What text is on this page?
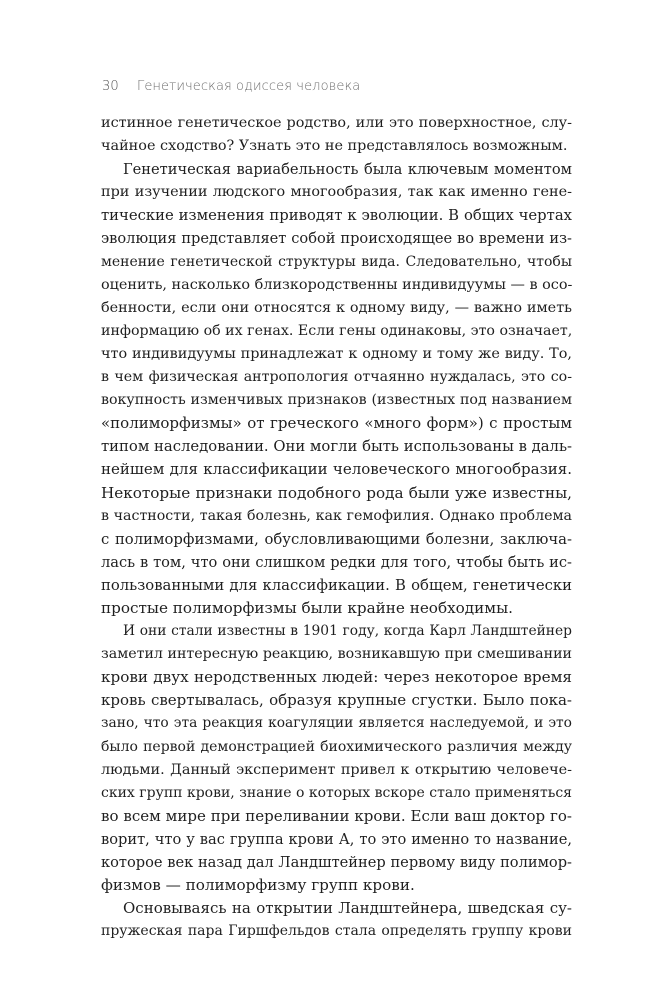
30 Генетическая одиссея человека
истинное генетическое родство, или это поверхностное, слу-
чайное сходство? Узнать это не представлялось возможным.
Генетическая вариабельность была ключевым моментом
при изучении людского многообразия, так как именно гене-
тические изменения приводят к эволюции. В общих чертах
эволюция представляет собой происходящее во времени из-
менение генетической структуры вида. Следовательно, чтобы
оценить, насколько близкородственны индивидуумы — в осо-
бенности, если они относятся к одному виду, — важно иметь
информацию об их генах. Если гены одинаковы, это означает,
что индивидуумы принадлежат к одному и тому же виду. То,
в чем физическая антропология отчаянно нуждалась, это со-
вокупность изменчивых признаков (известных под названием
«полиморфизмы» от греческого «много форм») с простым
типом наследовании. Они могли быть использованы в даль-
нейшем для классификации человеческого многообразия.
Некоторые признаки подобного рода были уже известны,
в частности, такая болезнь, как гемофилия. Однако проблема
с полиморфизмами, обусловливающими болезни, заключа-
лась в том, что они слишком редки для того, чтобы быть ис-
пользованными для классификации. В общем, генетически
простые полиморфизмы были крайне необходимы.
И они стали известны в 1901 году, когда Карл Ландштейнер
заметил интересную реакцию, возникавшую при смешивании
крови двух неродственных людей: через некоторое время
кровь свертывалась, образуя крупные сгустки. Было пока-
зано, что эта реакция коагуляции является наследуемой, и это
было первой демонстрацией биохимического различия между
людьми. Данный эксперимент привел к открытию человече-
ских групп крови, знание о которых вскоре стало применяться
во всем мире при переливании крови. Если ваш доктор го-
ворит, что у вас группа крови А, то это именно то название,
которое век назад дал Ландштейнер первому виду полимор-
физмов — полиморфизму групп крови.
Основываясь на открытии Ландштейнера, шведская су-
пружеская пара Гиршфельдов стала определять группу крови
